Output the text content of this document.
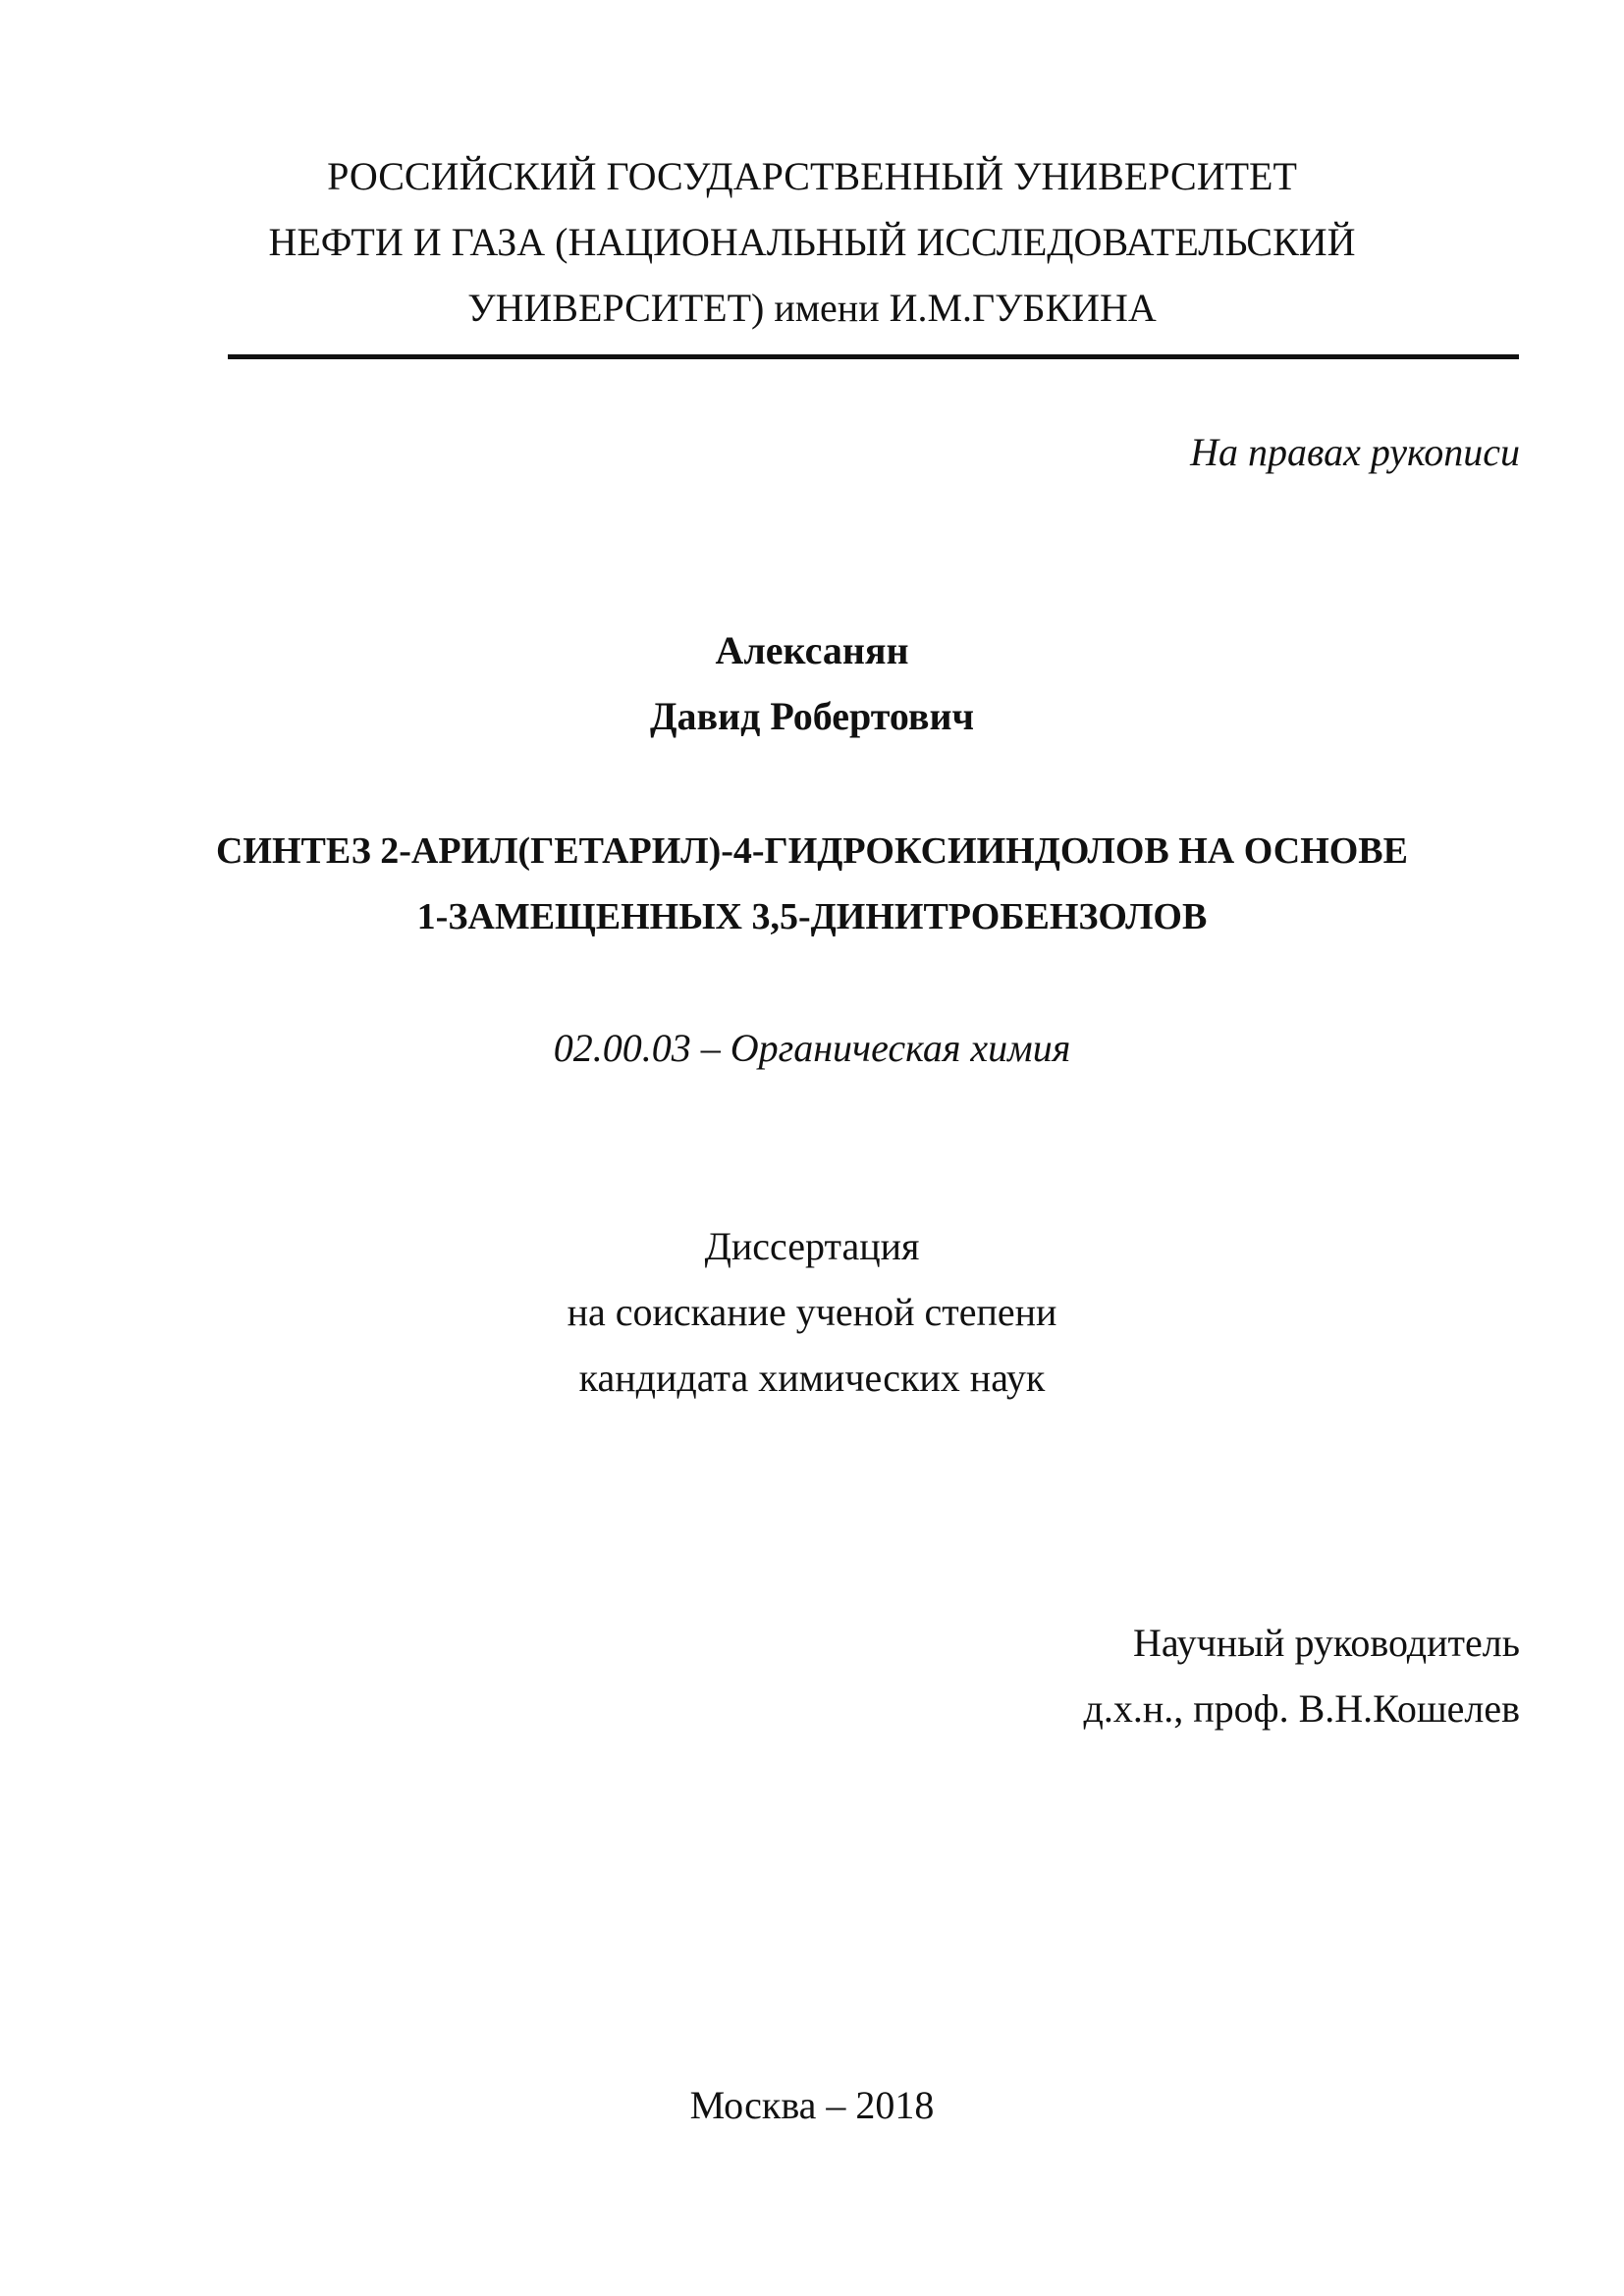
РОССИЙСКИЙ ГОСУДАРСТВЕННЫЙ УНИВЕРСИТЕТ
НЕФТИ И ГАЗА (НАЦИОНАЛЬНЫЙ ИССЛЕДОВАТЕЛЬСКИЙ
УНИВЕРСИТЕТ) имени И.М.ГУБКИНА
На правах рукописи
Алексанян
Давид Робертович
СИНТЕЗ 2-АРИЛ(ГЕТАРИЛ)-4-ГИДРОКСИИНДОЛОВ НА ОСНОВЕ
1-ЗАМЕЩЕННЫХ 3,5-ДИНИТРОБЕНЗОЛОВ
02.00.03 – Органическая химия
Диссертация
на соискание ученой степени
кандидата химических наук
Научный руководитель
д.х.н., проф. В.Н.Кошелев
Москва – 2018
